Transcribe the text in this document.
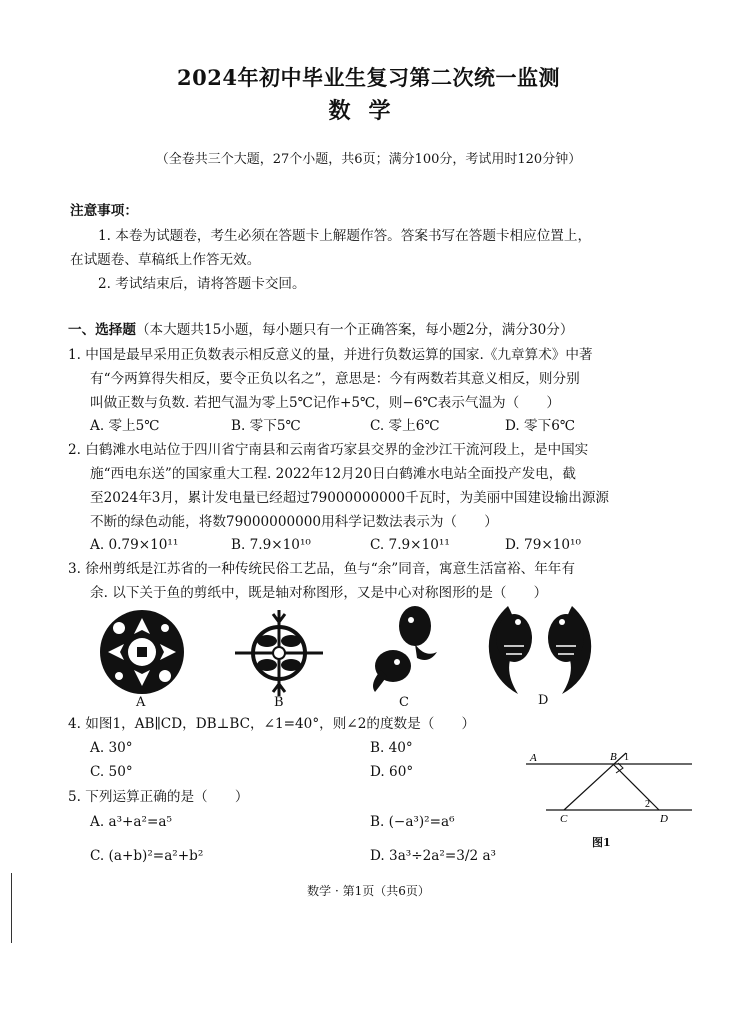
2024年初中毕业生复习第二次统一监测
数学
（全卷共三个大题，27个小题，共6页；满分100分，考试用时120分钟）
注意事项：
1. 本卷为试题卷，考生必须在答题卡上解题作答。答案书写在答题卡相应位置上，
在试题卷、草稿纸上作答无效。
2. 考试结束后，请将答题卡交回。
一、选择题（本大题共15小题，每小题只有一个正确答案，每小题2分，满分30分）
1. 中国是最早采用正负数表示相反意义的量，并进行负数运算的国家.《九章算术》中著
有“今两算得失相反，要令正负以名之”，意思是：今有两数若其意义相反，则分别
叫做正数与负数. 若把气温为零上5℃记作+5℃，则−6℃表示气温为（　　）
A. 零上5℃	B. 零下5℃	C. 零上6℃	D. 零下6℃
2. 白鹤滩水电站位于四川省宁南县和云南省巧家县交界的金沙江干流河段上，是中国实
施“西电东送”的国家重大工程. 2022年12月20日白鹤滩水电站全面投产发电，截
至2024年3月，累计发电量已经超过79000000000千瓦时，为美丽中国建设输出源源
不断的绿色动能，将数79000000000用科学记数法表示为（　　）
A. 0.79×10¹¹	B. 7.9×10¹⁰	C. 7.9×10¹¹	D. 79×10¹⁰
3. 徐州剪纸是江苏省的一种传统民俗工艺品，鱼与“余”同音，寓意生活富裕、年年有
余. 以下关于鱼的剪纸中，既是轴对称图形，又是中心对称图形的是（　　）
A	B	C	D
4. 如图1，AB∥CD，DB⊥BC，∠1=40°，则∠2的度数是（　　）
A. 30°	B. 40°
C. 50°	D. 60°
5. 下列运算正确的是（　　）
A. a³+a²=a⁵	B. (−a³)²=a⁶
C. (a+b)²=a²+b²	D. 3a³÷2a²=3/2 a³
A	B
C	D
1
2
图1
数学 · 第1页（共6页）
